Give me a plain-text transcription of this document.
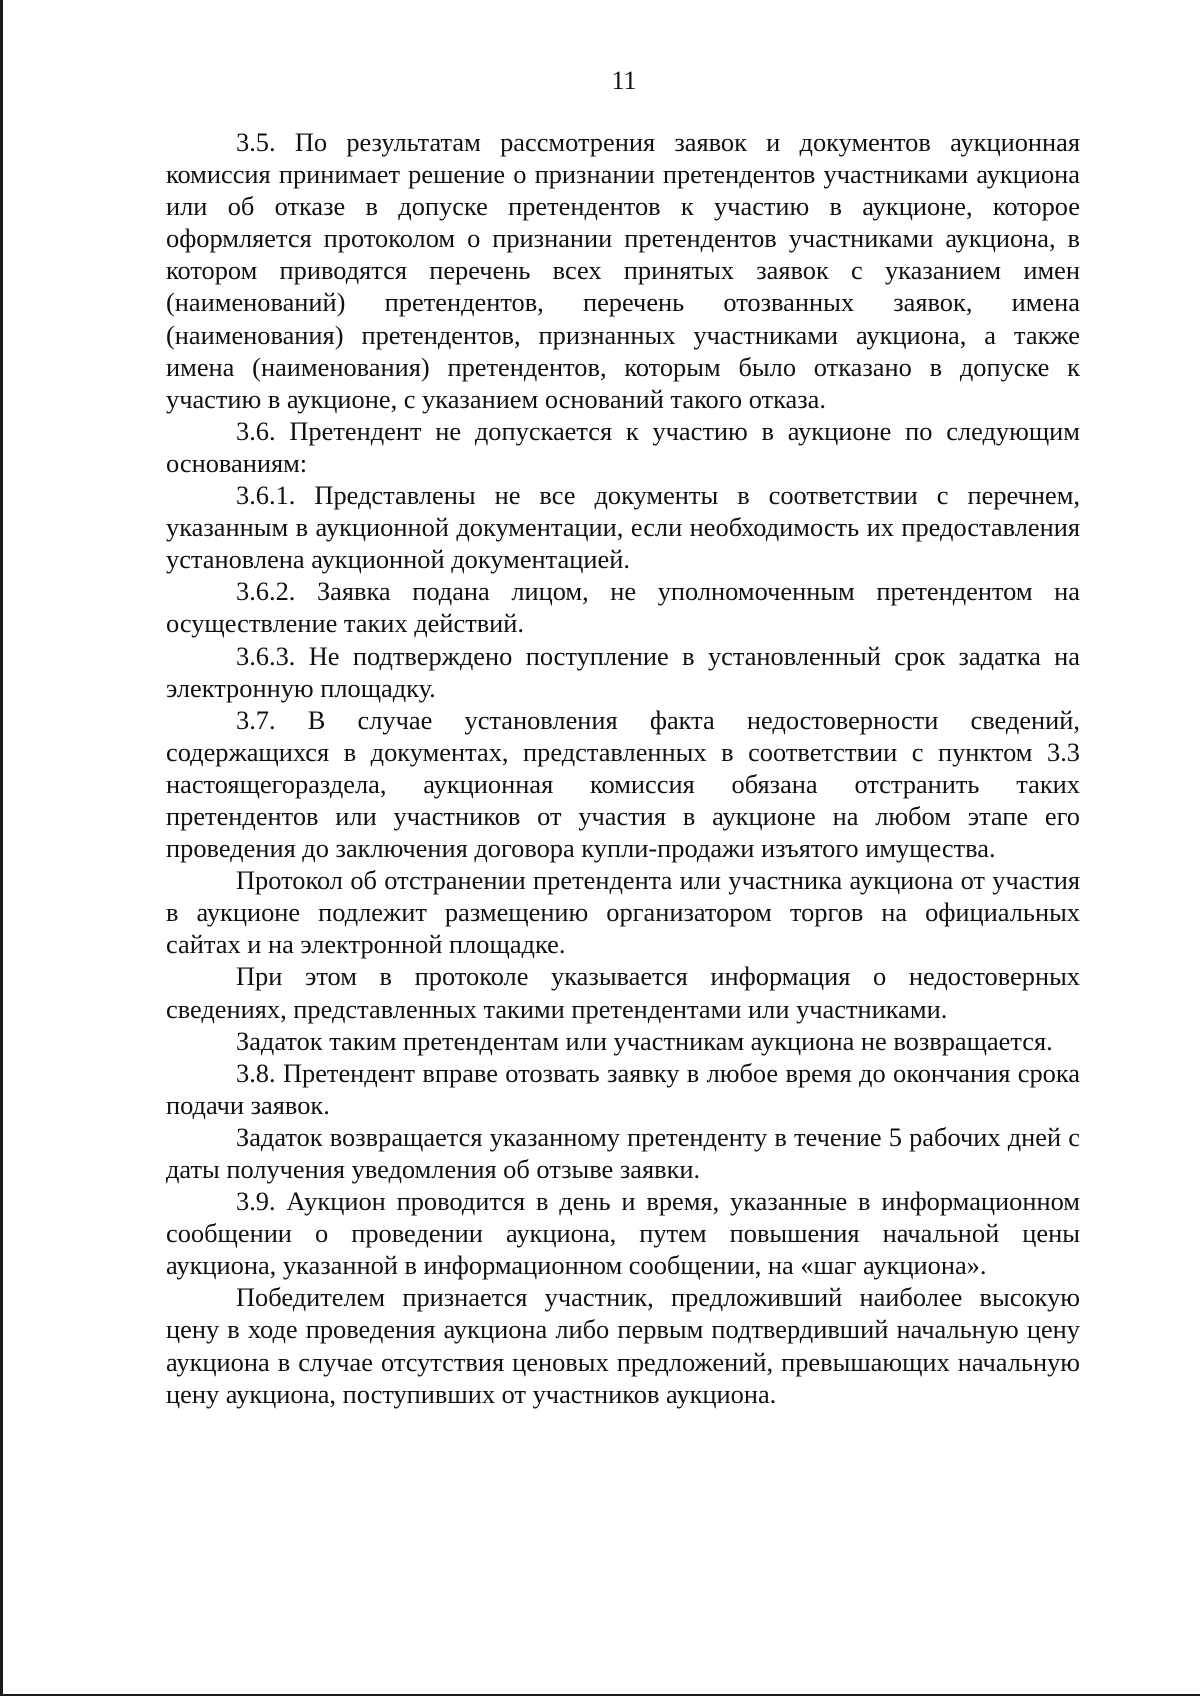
11

3.5. По результатам рассмотрения заявок и документов аукционная комиссия принимает решение о признании претендентов участниками аукциона или об отказе в допуске претендентов к участию в аукционе, которое оформляется протоколом о признании претендентов участниками аукциона, в котором приводятся перечень всех принятых заявок с указанием имен (наименований) претендентов, перечень отозванных заявок, имена (наименования) претендентов, признанных участниками аукциона, а также имена (наименования) претендентов, которым было отказано в допуске к участию в аукционе, с указанием оснований такого отказа.

3.6. Претендент не допускается к участию в аукционе по следующим основаниям:

3.6.1. Представлены не все документы в соответствии с перечнем, указанным в аукционной документации, если необходимость их предоставления установлена аукционной документацией.

3.6.2. Заявка подана лицом, не уполномоченным претендентом на осуществление таких действий.

3.6.3. Не подтверждено поступление в установленный срок задатка на электронную площадку.

3.7. В случае установления факта недостоверности сведений, содержащихся в документах, представленных в соответствии с пунктом 3.3 настоящегораздела, аукционная комиссия обязана отстранить таких претендентов или участников от участия в аукционе на любом этапе его проведения до заключения договора купли-продажи изъятого имущества.

Протокол об отстранении претендента или участника аукциона от участия в аукционе подлежит размещению организатором торгов на официальных сайтах и на электронной площадке.

При этом в протоколе указывается информация о недостоверных сведениях, представленных такими претендентами или участниками.

Задаток таким претендентам или участникам аукциона не возвращается.

3.8. Претендент вправе отозвать заявку в любое время до окончания срока подачи заявок.

Задаток возвращается указанному претенденту в течение 5 рабочих дней с даты получения уведомления об отзыве заявки.

3.9. Аукцион проводится в день и время, указанные в информационном сообщении о проведении аукциона, путем повышения начальной цены аукциона, указанной в информационном сообщении, на «шаг аукциона».

Победителем признается участник, предложивший наиболее высокую цену в ходе проведения аукциона либо первым подтвердивший начальную цену аукциона в случае отсутствия ценовых предложений, превышающих начальную цену аукциона, поступивших от участников аукциона.
